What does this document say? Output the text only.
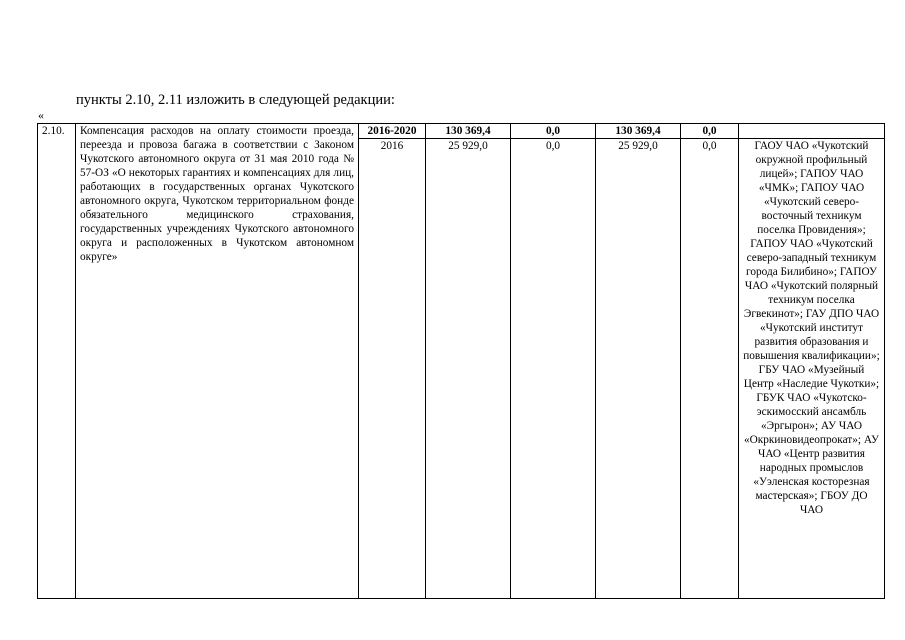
пункты 2.10, 2.11 изложить в следующей редакции:
«
2.10.	Компенсация расходов на оплату стоимости проезда, переезда и провоза багажа в соответствии с Законом Чукотского автономного округа от 31 мая 2010 года № 57-ОЗ «О некоторых гарантиях и компенсациях для лиц, работающих в государственных органах Чукотского автономного округа, Чукотском территориальном фонде обязательного медицинского страхования, государственных учреждениях Чукотского автономного округа и расположенных в Чукотском автономном округе»	2016-2020	130 369,4	0,0	130 369,4	0,0	
		2016	25 929,0	0,0	25 929,0	0,0	ГАОУ ЧАО «Чукотский окружной профильный лицей»; ГАПОУ ЧАО «ЧМК»; ГАПОУ ЧАО «Чукотский северо-восточный техникум поселка Провидения»; ГАПОУ ЧАО «Чукотский северо-западный техникум города Билибино»; ГАПОУ ЧАО «Чукотский полярный техникум поселка Эгвекинот»; ГАУ ДПО ЧАО «Чукотский институт развития образования и повышения квалификации»; ГБУ ЧАО «Музейный Центр «Наследие Чукотки»; ГБУК ЧАО «Чукотско-эскимосский ансамбль «Эргырон»; АУ ЧАО «Окркиновидеопрокат»; АУ ЧАО «Центр развития народных промыслов «Уэленская косторезная мастерская»; ГБОУ ДО ЧАО
